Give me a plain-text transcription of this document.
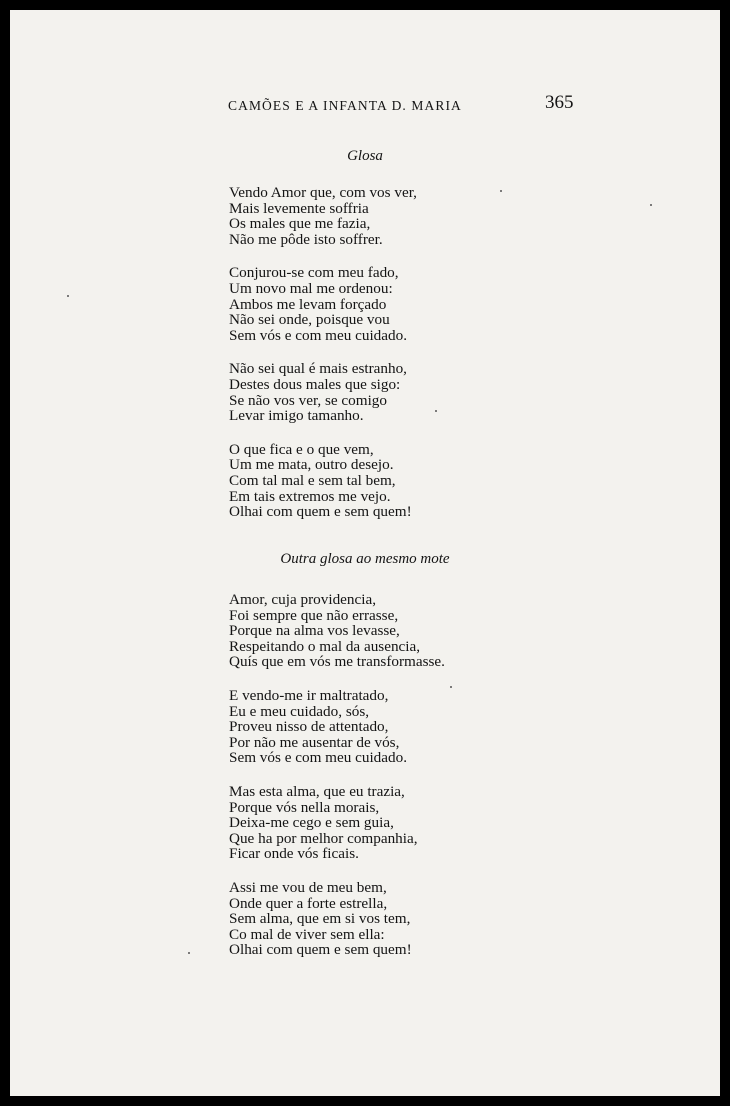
CAMÕES E A INFANTA D. MARIA	365
Glosa
Vendo Amor que, com vos ver,
Mais levemente soffria
Os males que me fazia,
Não me pôde isto soffrer.
Conjurou-se com meu fado,
Um novo mal me ordenou:
Ambos me levam forçado
Não sei onde, poisque vou
Sem vós e com meu cuidado.
Não sei qual é mais estranho,
Destes dous males que sigo:
Se não vos ver, se comigo
Levar imigo tamanho.
O que fica e o que vem,
Um me mata, outro desejo.
Com tal mal e sem tal bem,
Em tais extremos me vejo.
Olhai com quem e sem quem!
Outra glosa ao mesmo mote
Amor, cuja providencia,
Foi sempre que não errasse,
Porque na alma vos levasse,
Respeitando o mal da ausencia,
Quís que em vós me transformasse.
E vendo-me ir maltratado,
Eu e meu cuidado, sós,
Proveu nisso de attentado,
Por não me ausentar de vós,
Sem vós e com meu cuidado.
Mas esta alma, que eu trazia,
Porque vós nella morais,
Deixa-me cego e sem guia,
Que ha por melhor companhia,
Ficar onde vós ficais.
Assi me vou de meu bem,
Onde quer a forte estrella,
Sem alma, que em si vos tem,
Co mal de viver sem ella:
Olhai com quem e sem quem!
